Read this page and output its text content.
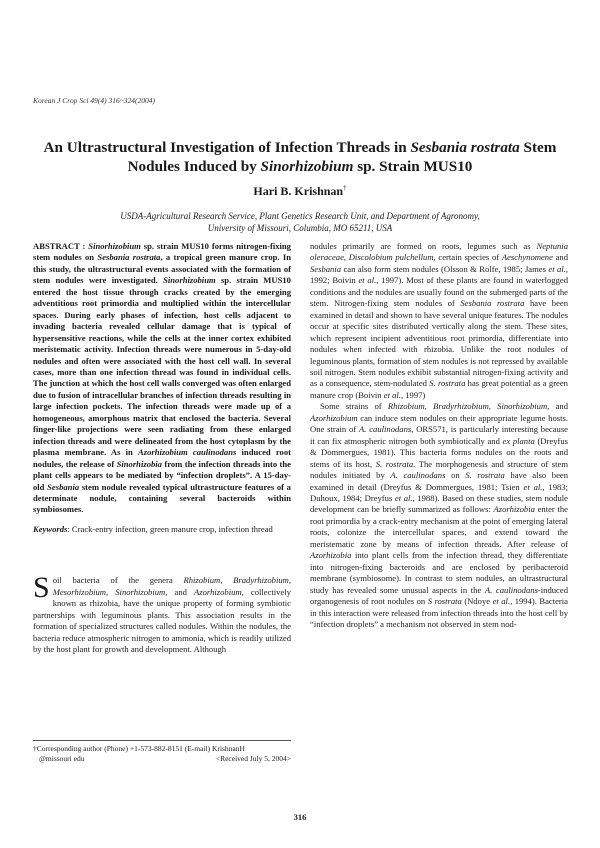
Korean J Crop Sci 49(4) 316~324(2004)
An Ultrastructural Investigation of Infection Threads in Sesbania rostrata Stem Nodules Induced by Sinorhizobium sp. Strain MUS10
Hari B. Krishnan†
USDA-Agricultural Research Service, Plant Genetics Research Unit, and Department of Agronomy,
University of Missouri, Columbia, MO 65211, USA

ABSTRACT : Sinorhizobium sp. strain MUS10 forms nitrogen-fixing stem nodules on Sesbania rostrata, a tropical green manure crop. In this study, the ultrastructural events associated with the formation of stem nodules were investigated. Sinorhizobium sp. strain MUS10 entered the host tissue through cracks created by the emerging adventitious root primordia and multiplied within the intercellular spaces. During early phases of infection, host cells adjacent to invading bacteria revealed cellular damage that is typical of hypersensitive reactions, while the cells at the inner cortex exhibited meristematic activity. Infection threads were numerous in 5-day-old nodules and often were associated with the host cell wall. In several cases, more than one infection thread was found in individual cells. The junction at which the host cell walls converged was often enlarged due to fusion of intracellular branches of infection threads resulting in large infection pockets. The infection threads were made up of a homogeneous, amorphous matrix that enclosed the bacteria. Several finger-like projections were seen radiating from these enlarged infection threads and were delineated from the host cytoplasm by the plasma membrane. As in Azorhizobium caulinodans induced root nodules, the release of Sinorhizobia from the infection threads into the plant cells appears to be mediated by “infection droplets”. A 15-day-old Sesbania stem nodule revealed typical ultrastructure features of a determinate nodule, containing several bacteroids within symbiosomes.

Keywords: Crack-entry infection, green manure crop, infection thread

Soil bacteria of the genera Rhizobium, Bradyrhizobium, Mesorhizobium, Sinorhizobium, and Azorhizobium, collectively known as rhizobia, have the unique property of forming symbiotic partnerships with leguminous plants. This association results in the formation of specialized structures called nodules. Within the nodules, the bacteria reduce atmospheric nitrogen to ammonia, which is readily utilized by the host plant for growth and development. Although

nodules primarily are formed on roots, legumes such as Neptunia oleraceae, Discolobium pulchellum, certain species of Aeschynomene and Sesbania can also form stem nodules (Olsson & Rolfe, 1985; James et al., 1992; Boivin et al., 1997). Most of these plants are found in waterlogged conditions and the nodules are usually found on the submerged parts of the stem. Nitrogen-fixing stem nodules of Sesbania rostrata have been examined in detail and shown to have several unique features. The nodules occur at specific sites distributed vertically along the stem. These sites, which represent incipient adventitious root primordia, differentiate into nodules when infected with rhizobia. Unlike the root nodules of leguminous plants, formation of stem nodules is not repressed by available soil nitrogen. Stem nodules exhibit substantial nitrogen-fixing activity and as a consequence, stem-nodulated S. rostrata has great potential as a green manure crop (Boivin et al., 1997)

Some strains of Rhizobium, Bradyrhizobium, Sinorhizobium, and Azorhizobium can induce stem nodules on their appropriate legume hosts. One strain of A. caulinodans, ORS571, is particularly interesting because it can fix atmospheric nitrogen both symbiotically and ex planta (Dreyfus & Dommergues, 1981). This bacteria forms nodules on the roots and stems of its host, S. rostrata. The morphogenesis and structure of stem nodules initiated by A. caulinodans on S. rostrata have also been examined in detail (Dreyfus & Dommergues, 1981; Tsien et al., 1983; Duhoux, 1984; Dreyfus et al., 1988). Based on these studies, stem nodule development can be briefly summarized as follows: Azorhizobia enter the root primordia by a crack-entry mechanism at the point of emerging lateral roots, colonize the intercellular spaces, and extend toward the meristematic zone by means of infection threads. After release of Azorhizobia into plant cells from the infection thread, they differentiate into nitrogen-fixing bacteroids and are enclosed by peribacteroid membrane (symbiosome). In contrast to stem nodules, an ultrastructural study has revealed some unusual aspects in the A. caulinodans-induced organogenesis of root nodules on S rostrata (Ndoye et al., 1994). Bacteria in this interaction were released from infection threads into the host cell by “infection droplets” a mechanism not observed in stem nod-

†Corresponding author (Phone) +1-573-882-8151 (E-mail) KrishnanH
@missouri edu	<Received July 5, 2004>
316
